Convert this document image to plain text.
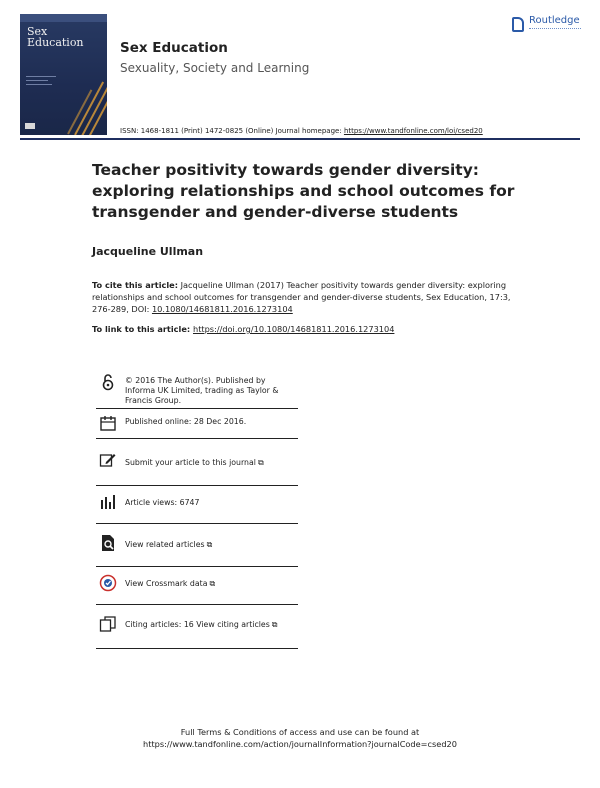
Sex
Education	Sex Education
Sexuality, Society and Learning
Routledge
ISSN: 1468-1811 (Print) 1472-0825 (Online) Journal homepage: https://www.tandfonline.com/loi/csed20
Teacher positivity towards gender diversity: exploring relationships and school outcomes for transgender and gender-diverse students
Jacqueline Ullman
To cite this article: Jacqueline Ullman (2017) Teacher positivity towards gender diversity: exploring relationships and school outcomes for transgender and gender-diverse students, Sex Education, 17:3, 276-289, DOI: 10.1080/14681811.2016.1273104
To link to this article: https://doi.org/10.1080/14681811.2016.1273104
© 2016 The Author(s). Published by Informa UK Limited, trading as Taylor & Francis Group.
Published online: 28 Dec 2016.
Submit your article to this journal ⧉
Article views: 6747
View related articles ⧉
View Crossmark data ⧉
Citing articles: 16 View citing articles ⧉
Full Terms & Conditions of access and use can be found at
https://www.tandfonline.com/action/journalInformation?journalCode=csed20
